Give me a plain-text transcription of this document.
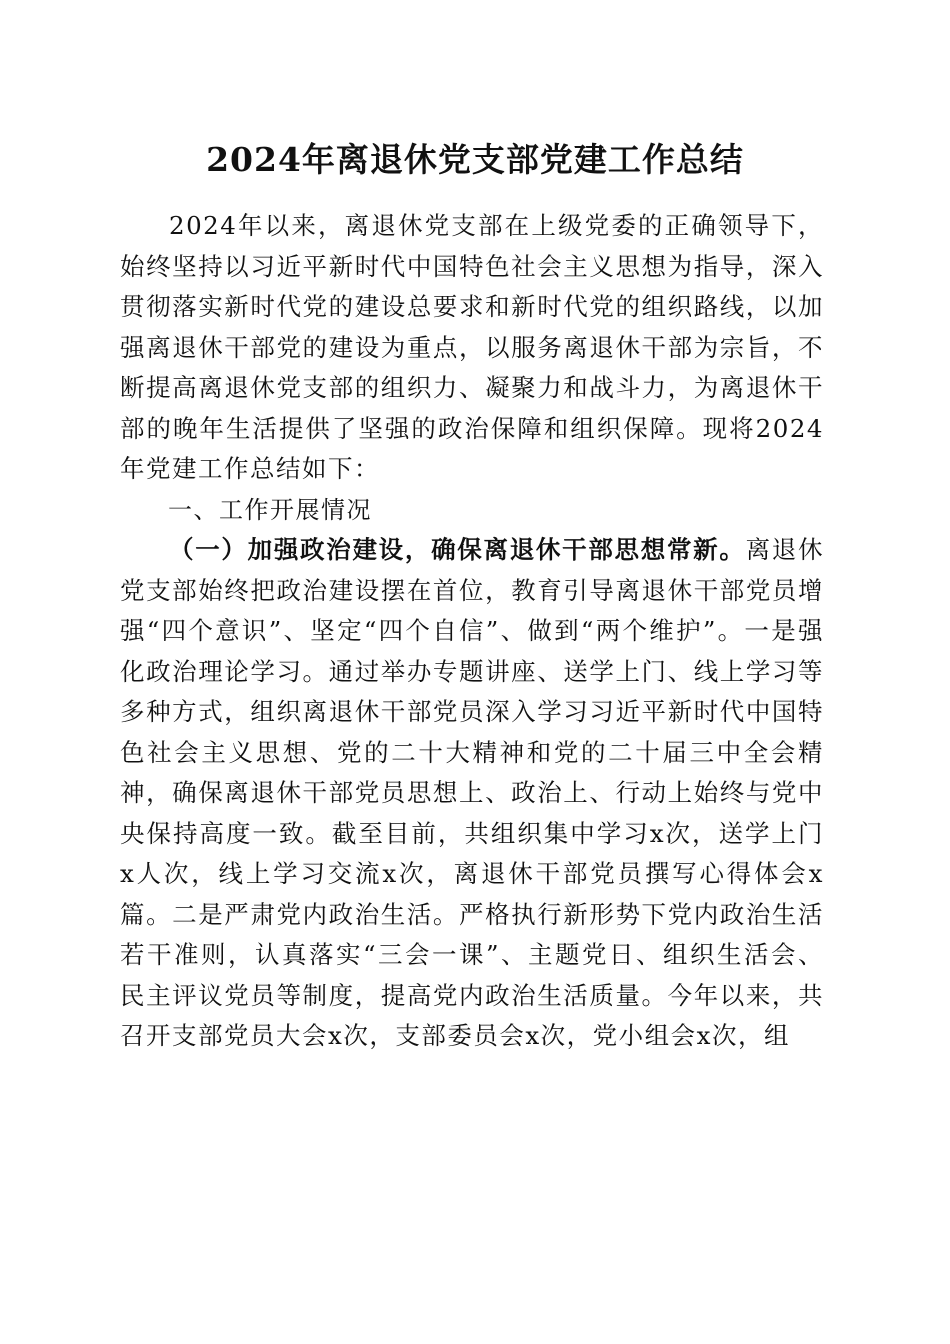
2024年离退休党支部党建工作总结

2024年以来，离退休党支部在上级党委的正确领导下，始终坚持以习近平新时代中国特色社会主义思想为指导，深入贯彻落实新时代党的建设总要求和新时代党的组织路线，以加强离退休干部党的建设为重点，以服务离退休干部为宗旨，不断提高离退休党支部的组织力、凝聚力和战斗力，为离退休干部的晚年生活提供了坚强的政治保障和组织保障。现将2024年党建工作总结如下：

一、工作开展情况

（一）加强政治建设，确保离退休干部思想常新。离退休党支部始终把政治建设摆在首位，教育引导离退休干部党员增强“四个意识”、坚定“四个自信”、做到“两个维护”。一是强化政治理论学习。通过举办专题讲座、送学上门、线上学习等多种方式，组织离退休干部党员深入学习习近平新时代中国特色社会主义思想、党的二十大精神和党的二十届三中全会精神，确保离退休干部党员思想上、政治上、行动上始终与党中央保持高度一致。截至目前，共组织集中学习x次，送学上门x人次，线上学习交流x次，离退休干部党员撰写心得体会x篇。二是严肃党内政治生活。严格执行新形势下党内政治生活若干准则，认真落实“三会一课”、主题党日、组织生活会、民主评议党员等制度，提高党内政治生活质量。今年以来，共召开支部党员大会x次，支部委员会x次，党小组会x次，组
